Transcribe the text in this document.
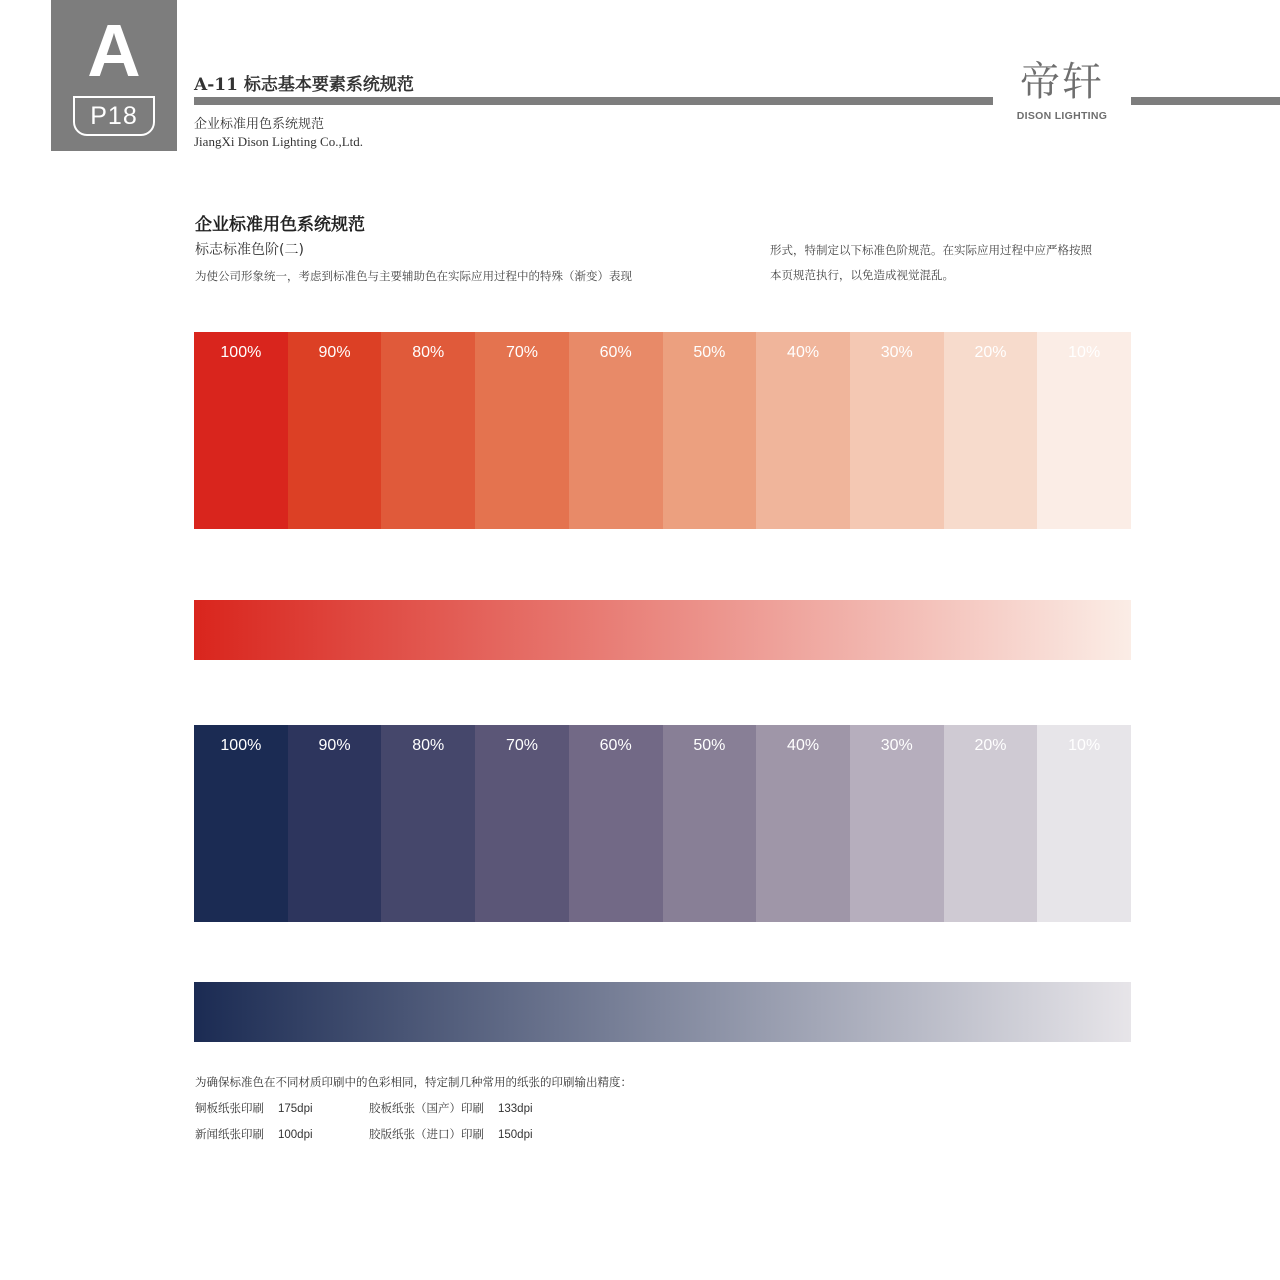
A
P18
A-11 标志基本要素系统规范
企业标准用色系统规范
JiangXi Dison Lighting Co.,Ltd.
帝轩
DISON LIGHTING
企业标准用色系统规范
标志标准色阶(二)
为使公司形象统一，考虑到标准色与主要辅助色在实际应用过程中的特殊（渐变）表现
形式，特制定以下标准色阶规范。在实际应用过程中应严格按照
本页规范执行，以免造成视觉混乱。
100%	90%	80%	70%	60%	50%	40%	30%	20%	10%
100%	90%	80%	70%	60%	50%	40%	30%	20%	10%
为确保标准色在不同材质印刷中的色彩相同，特定制几种常用的纸张的印刷输出精度：
铜板纸张印刷 175dpi	胶板纸张（国产）印刷 133dpi
新闻纸张印刷 100dpi	胶版纸张（进口）印刷 150dpi
